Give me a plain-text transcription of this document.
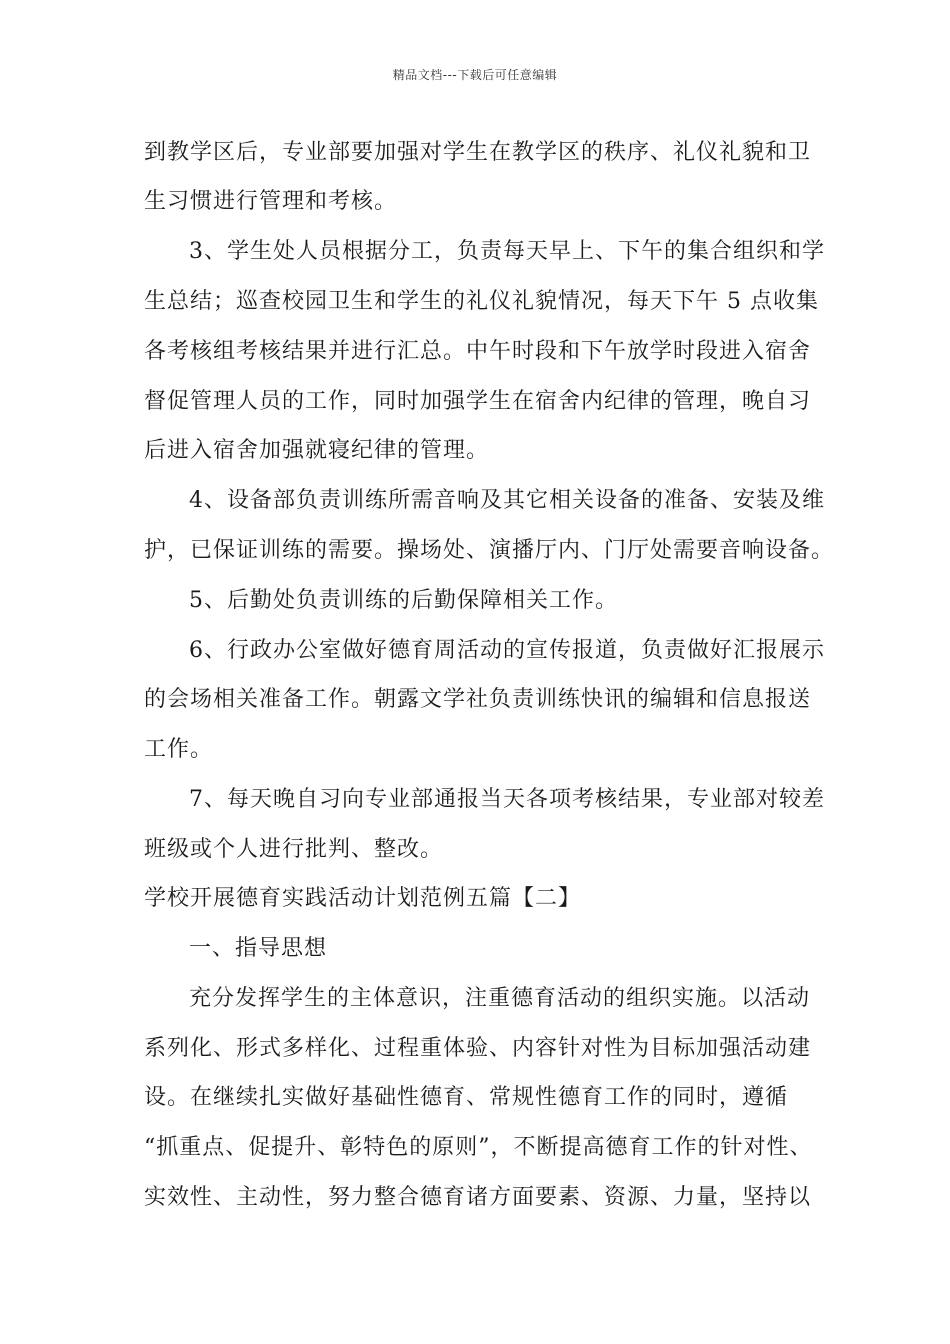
精品文档---下载后可任意编辑
到教学区后，专业部要加强对学生在教学区的秩序、礼仪礼貌和卫
生习惯进行管理和考核。
3、学生处人员根据分工，负责每天早上、下午的集合组织和学
生总结；巡查校园卫生和学生的礼仪礼貌情况，每天下午 5 点收集
各考核组考核结果并进行汇总。中午时段和下午放学时段进入宿舍
督促管理人员的工作，同时加强学生在宿舍内纪律的管理，晚自习
后进入宿舍加强就寝纪律的管理。
4、设备部负责训练所需音响及其它相关设备的准备、安装及维
护，已保证训练的需要。操场处、演播厅内、门厅处需要音响设备。
5、后勤处负责训练的后勤保障相关工作。
6、行政办公室做好德育周活动的宣传报道，负责做好汇报展示
的会场相关准备工作。朝露文学社负责训练快讯的编辑和信息报送
工作。
7、每天晚自习向专业部通报当天各项考核结果，专业部对较差
班级或个人进行批判、整改。
学校开展德育实践活动计划范例五篇【二】
一、指导思想
充分发挥学生的主体意识，注重德育活动的组织实施。以活动
系列化、形式多样化、过程重体验、内容针对性为目标加强活动建
设。在继续扎实做好基础性德育、常规性德育工作的同时，遵循
“抓重点、促提升、彰特色的原则”，不断提高德育工作的针对性、
实效性、主动性，努力整合德育诸方面要素、资源、力量，坚持以
